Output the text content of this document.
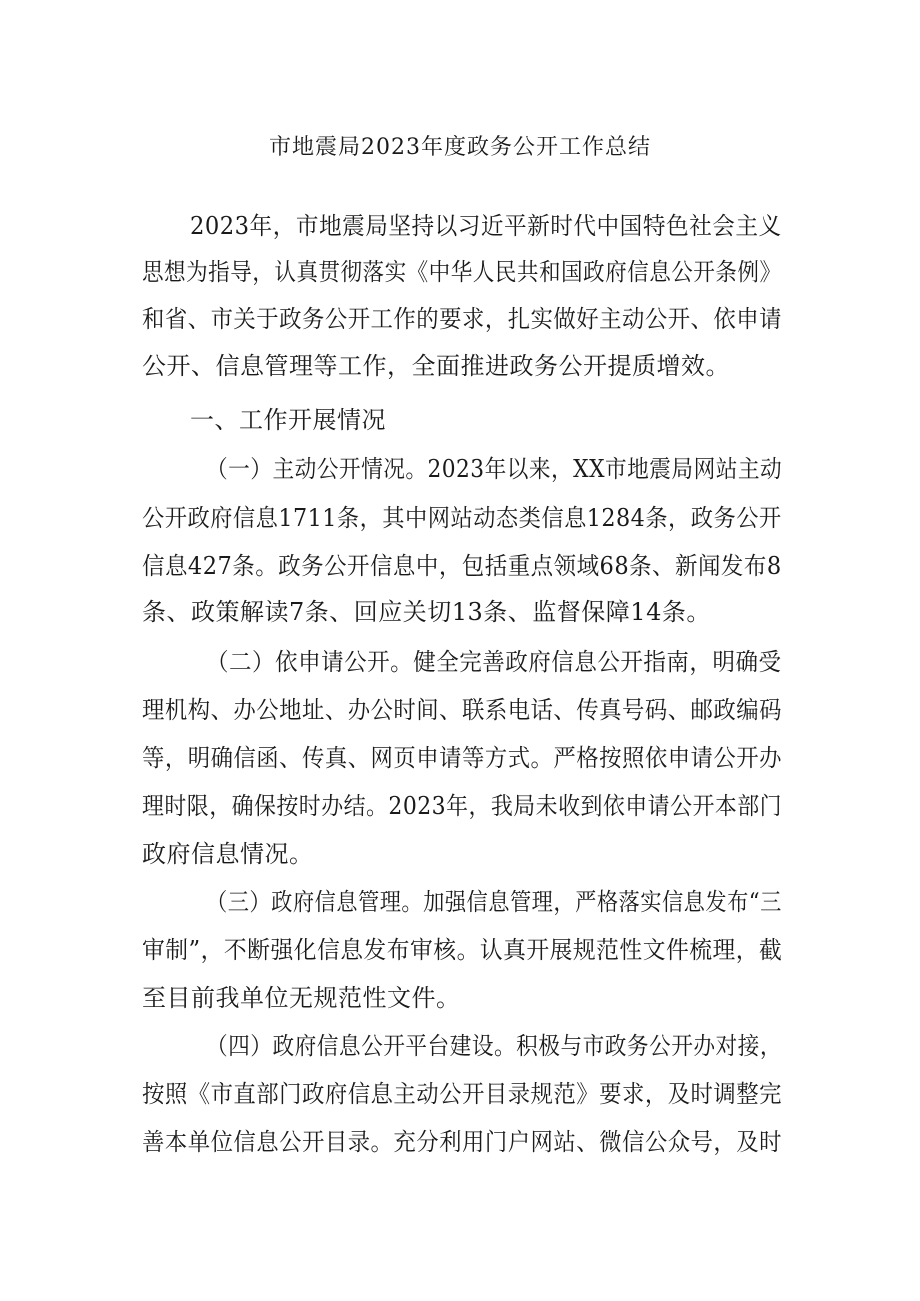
市地震局2023年度政务公开工作总结
2023年，市地震局坚持以习近平新时代中国特色社会主义
思想为指导，认真贯彻落实《中华人民共和国政府信息公开条例》
和省、市关于政务公开工作的要求，扎实做好主动公开、依申请
公开、信息管理等工作，全面推进政务公开提质增效。
一、工作开展情况
（一）主动公开情况。2023年以来，XX市地震局网站主动
公开政府信息1711条，其中网站动态类信息1284条，政务公开
信息427条。政务公开信息中，包括重点领域68条、新闻发布8
条、政策解读7条、回应关切13条、监督保障14条。
（二）依申请公开。健全完善政府信息公开指南，明确受
理机构、办公地址、办公时间、联系电话、传真号码、邮政编码
等，明确信函、传真、网页申请等方式。严格按照依申请公开办
理时限，确保按时办结。2023年，我局未收到依申请公开本部门
政府信息情况。
（三）政府信息管理。加强信息管理，严格落实信息发布“三
审制”，不断强化信息发布审核。认真开展规范性文件梳理，截
至目前我单位无规范性文件。
（四）政府信息公开平台建设。积极与市政务公开办对接，
按照《市直部门政府信息主动公开目录规范》要求，及时调整完
善本单位信息公开目录。充分利用门户网站、微信公众号，及时
